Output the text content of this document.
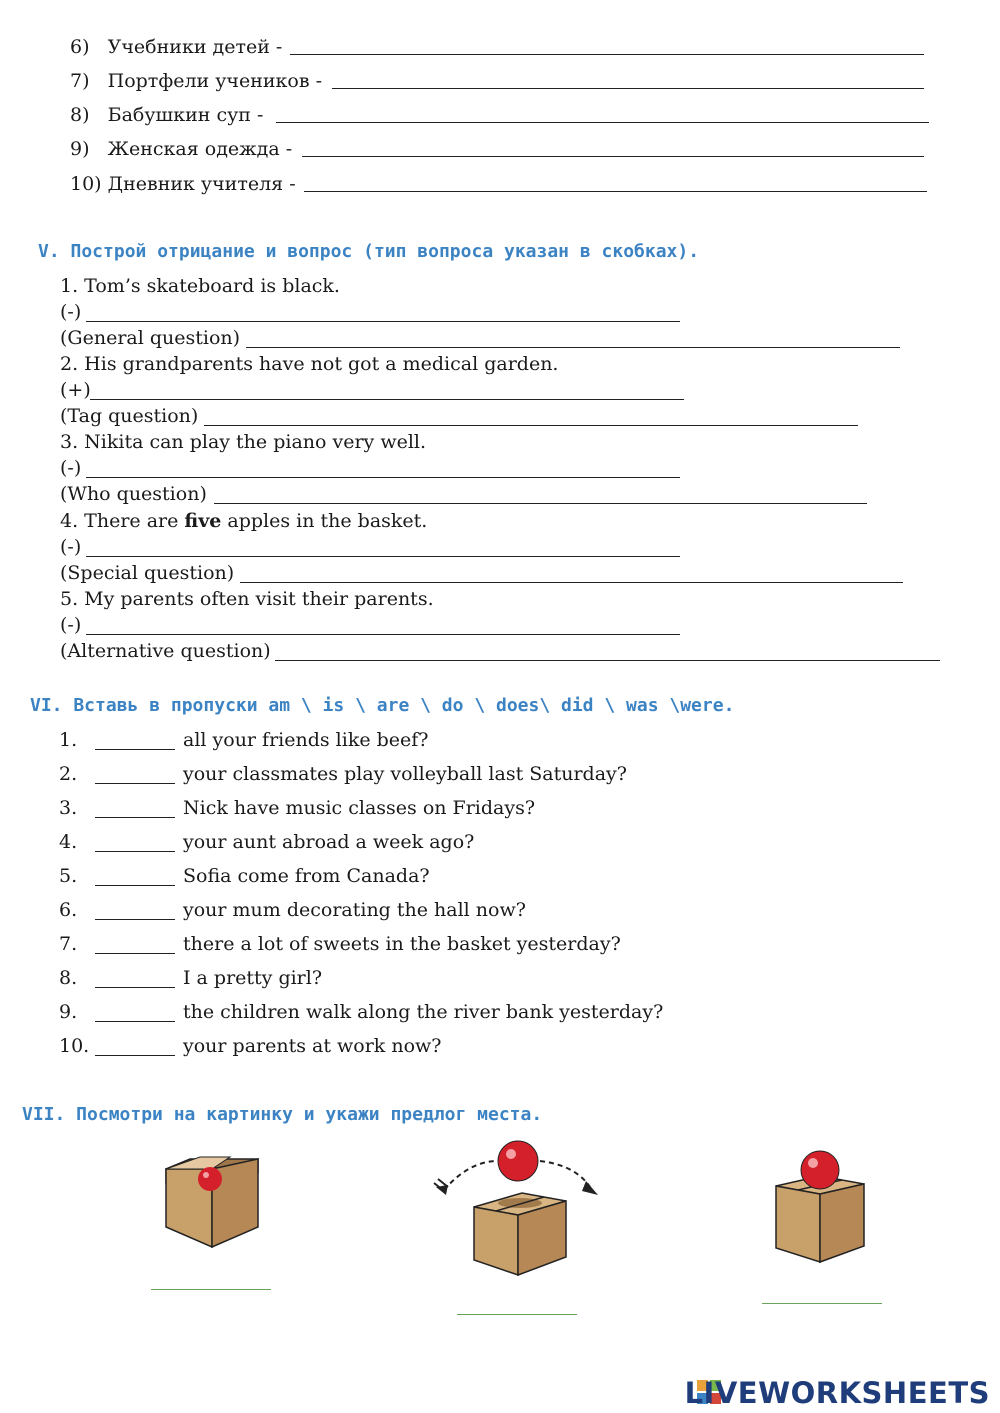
6) Учебники детей -
7) Портфели учеников -
8) Бабушкин суп -
9) Женская одежда -
10) Дневник учителя -
V. Построй отрицание и вопрос (тип вопроса указан в скобках).
1. Tom’s skateboard is black.
(-)
(General question)
2. His grandparents have not got a medical garden.
(+)
(Tag question)
3. Nikita can play the piano very well.
(-)
(Who question)
4. There are five apples in the basket.
(-)
(Special question)
5. My parents often visit their parents.
(-)
(Alternative question)
VI. Вставь в пропуски am \ is \ are \ do \ does\ did \ was \were.
1.	all your friends like beef?
2.	your classmates play volleyball last Saturday?
3.	Nick have music classes on Fridays?
4.	your aunt abroad a week ago?
5.	Sofia come from Canada?
6.	your mum decorating the hall now?
7.	there a lot of sweets in the basket yesterday?
8.	I a pretty girl?
9.	the children walk along the river bank yesterday?
10.	your parents at work now?
VII. Посмотри на картинку и укажи предлог места.
LIVEWORKSHEETS
